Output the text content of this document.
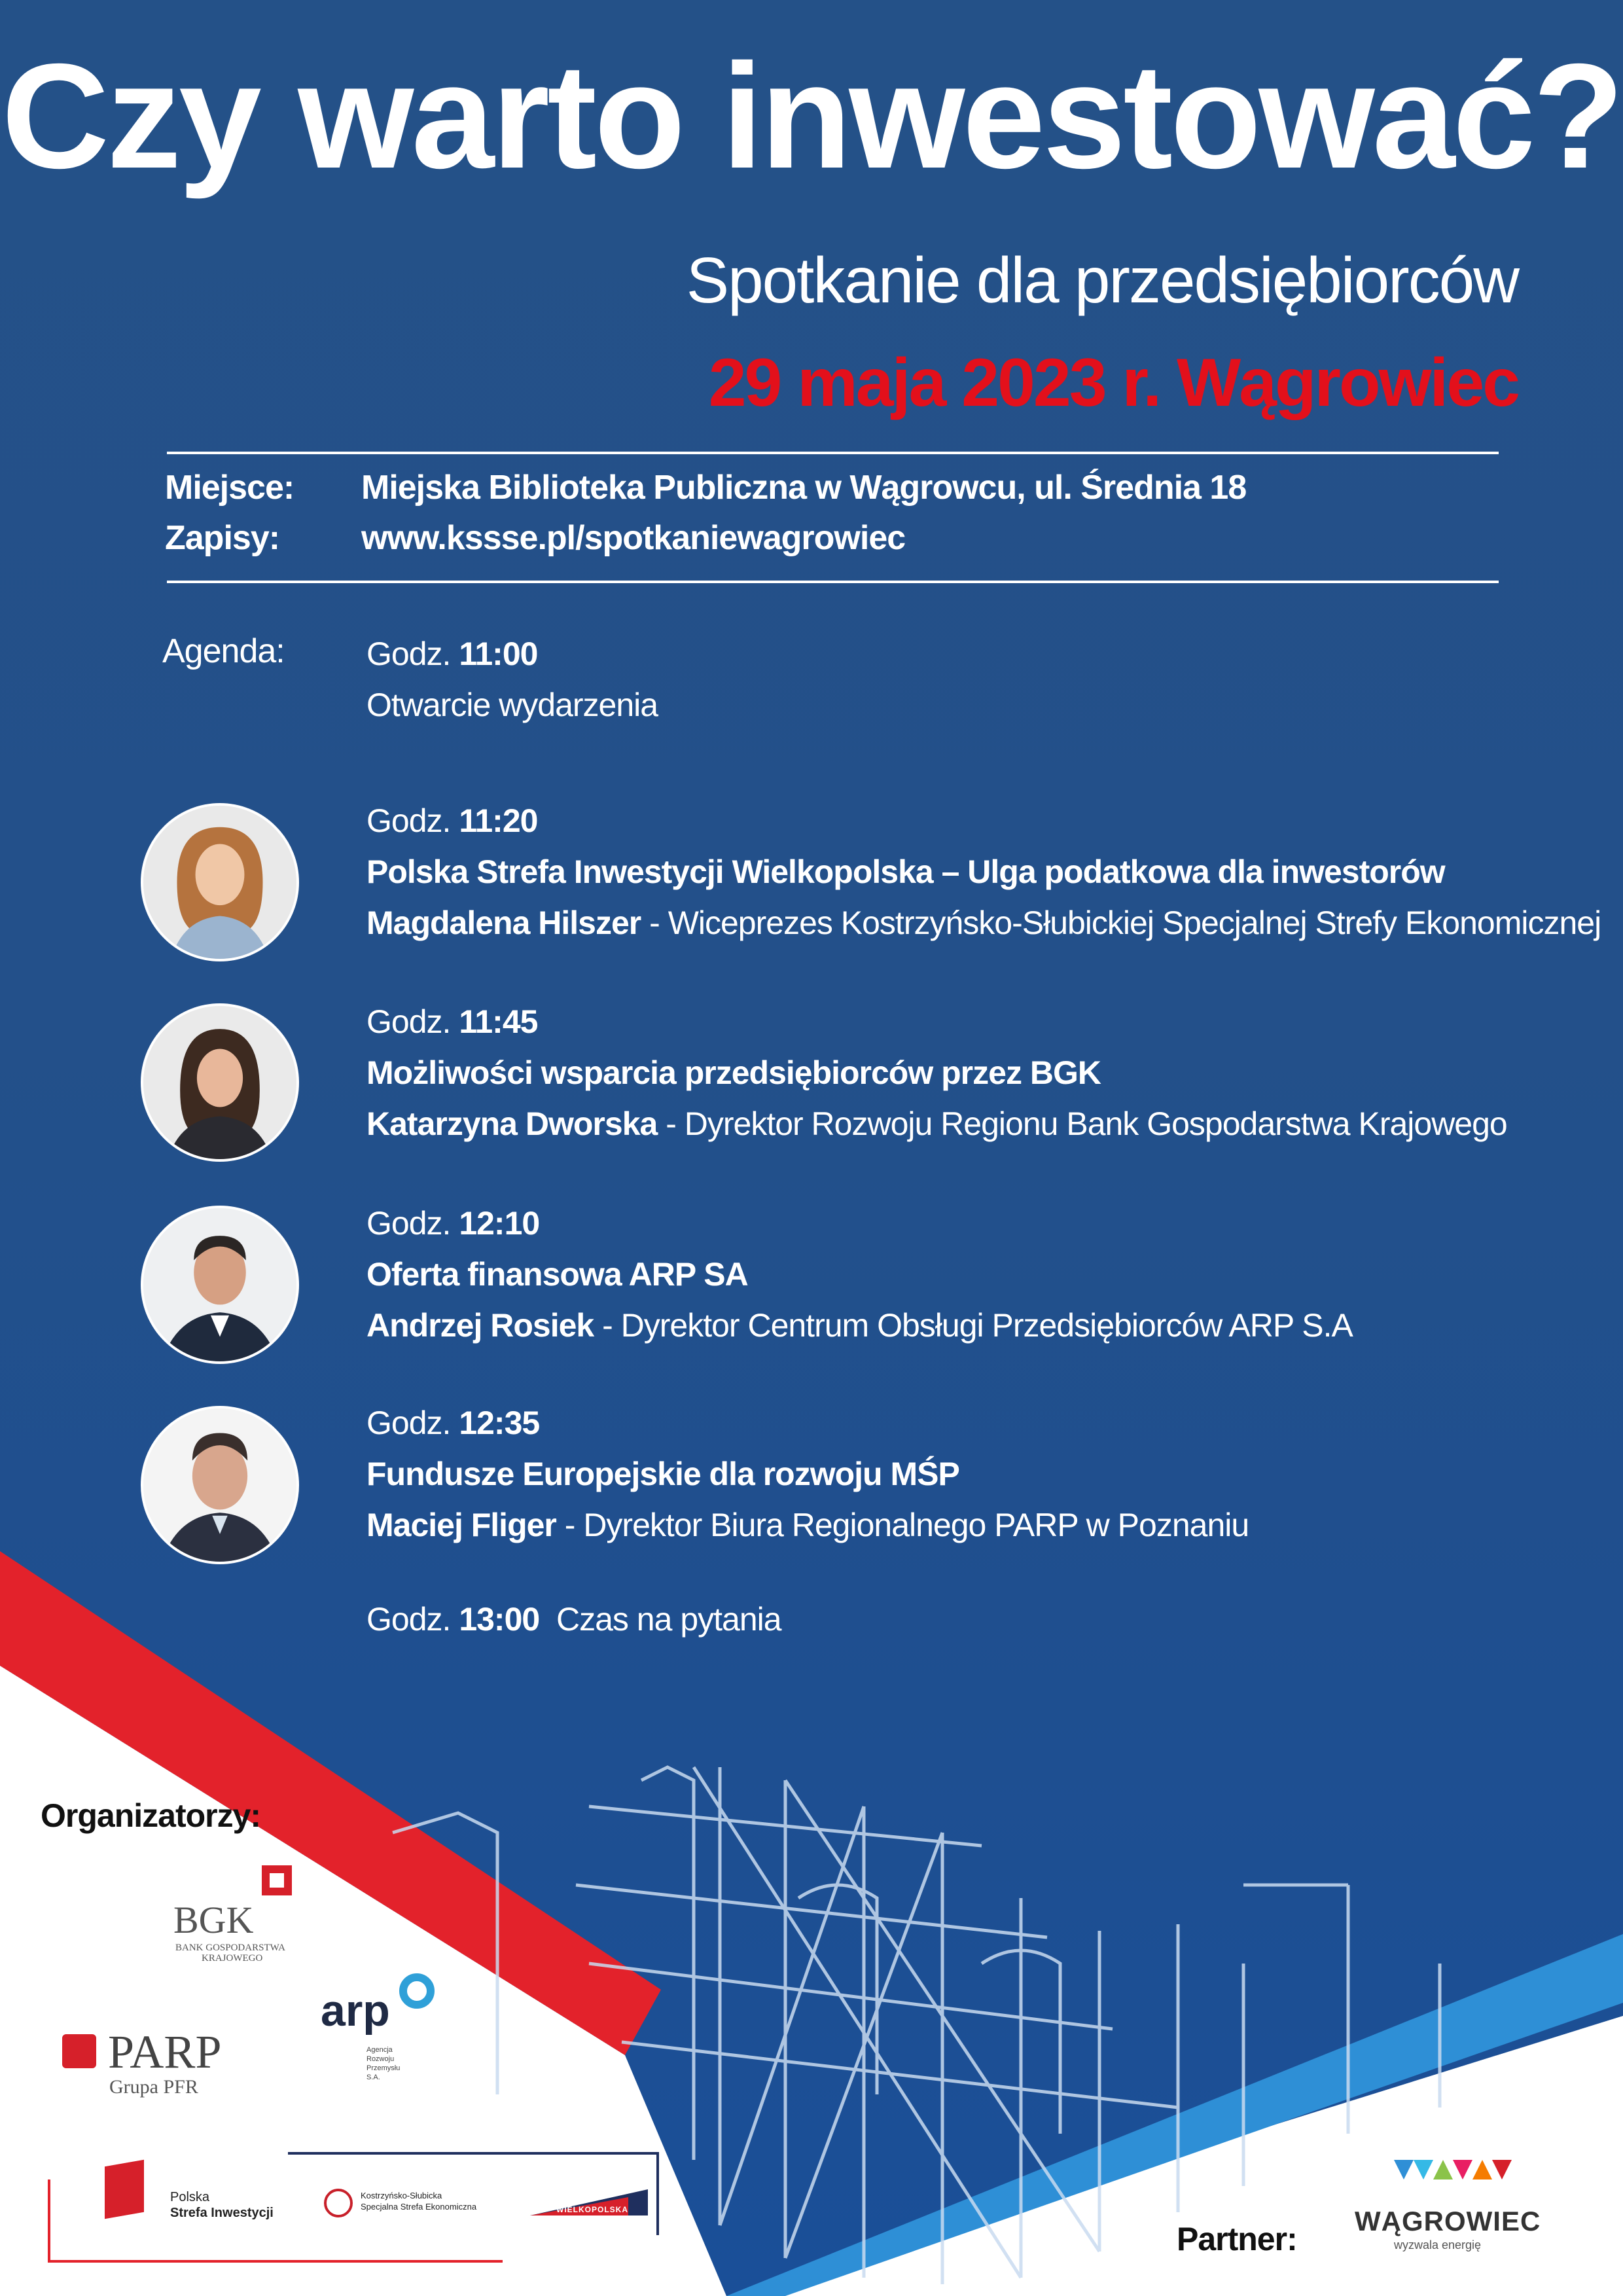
Czy warto inwestować?
Spotkanie dla przedsiębiorców
29 maja 2023 r. Wągrowiec
Miejsce: Miejska Biblioteka Publiczna w Wągrowcu, ul. Średnia 18
Zapisy: www.kssse.pl/spotkaniewagrowiec
Agenda:	Godz. 11:00
Otwarcie wydarzenia
Godz. 11:20
Polska Strefa Inwestycji Wielkopolska – Ulga podatkowa dla inwestorów
Magdalena Hilszer - Wiceprezes Kostrzyńsko-Słubickiej Specjalnej Strefy Ekonomicznej
Godz. 11:45
Możliwości wsparcia przedsiębiorców przez BGK
Katarzyna Dworska - Dyrektor Rozwoju Regionu Bank Gospodarstwa Krajowego
Godz. 12:10
Oferta finansowa ARP SA
Andrzej Rosiek - Dyrektor Centrum Obsługi Przedsiębiorców ARP S.A
Godz. 12:35
Fundusze Europejskie dla rozwoju MŚP
Maciej Fliger - Dyrektor Biura Regionalnego PARP w Poznaniu
Godz. 13:00 Czas na pytania
Organizatorzy:
Partner:
BGK
BANK GOSPODARSTWA
KRAJOWEGO
PARP
Grupa PFR
arp
Agencja
Rozwoju
Przemysłu
S.A.
Polska
Strefa Inwestycji
Kostrzyńsko-Słubicka
Specjalna Strefa Ekonomiczna	WIELKOPOLSKA	WĄGROWIEC
wyzwala energię
